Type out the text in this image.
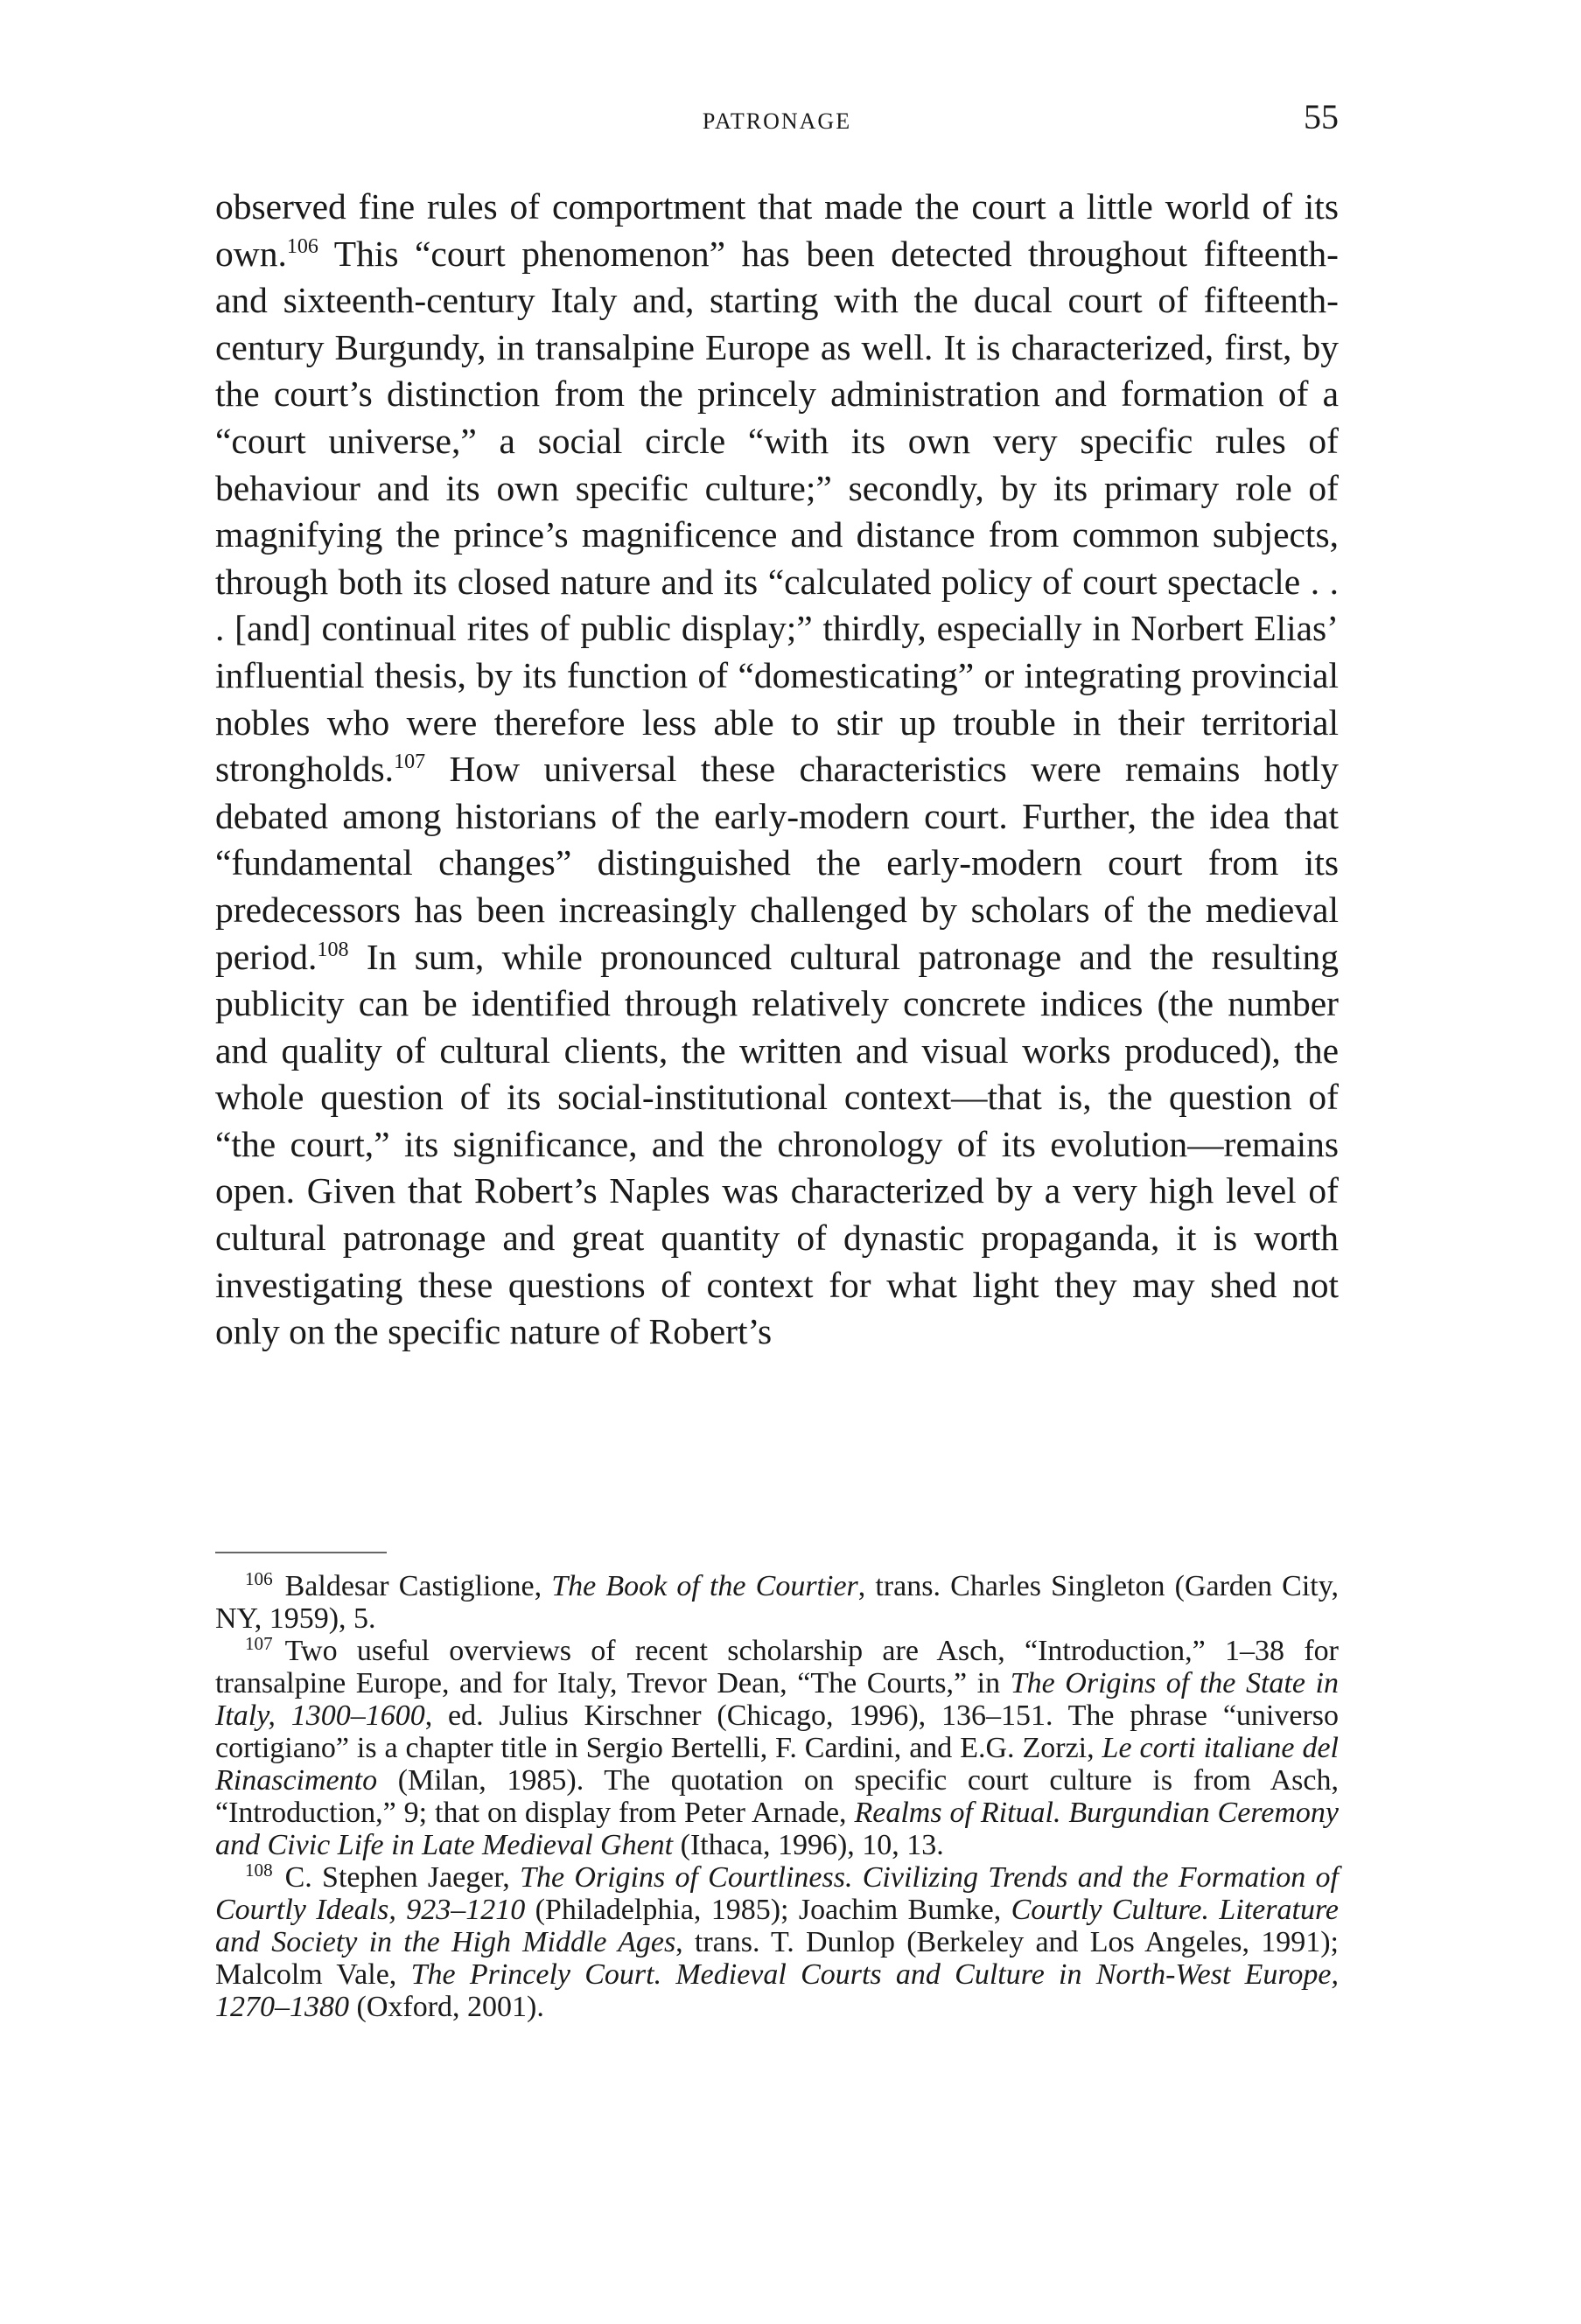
PATRONAGE	55

observed fine rules of comportment that made the court a little world of its own.$^{106}$ This “court phenomenon” has been detected throughout fifteenth- and sixteenth-century Italy and, starting with the ducal court of fifteenth-century Burgundy, in transalpine Europe as well. It is characterized, first, by the court’s distinction from the princely administration and formation of a “court universe,” a social circle “with its own very specific rules of behaviour and its own specific culture;” secondly, by its primary role of magnifying the prince’s magnificence and distance from common subjects, through both its closed nature and its “calculated policy of court spectacle . . . [and] continual rites of public display;” thirdly, especially in Norbert Elias’ influential thesis, by its function of “domesticating” or integrating provincial nobles who were therefore less able to stir up trouble in their territorial strongholds.$^{107}$ How universal these characteristics were remains hotly debated among historians of the early-modern court. Further, the idea that “fundamental changes” distinguished the early-modern court from its predecessors has been increasingly challenged by scholars of the medieval period.$^{108}$ In sum, while pronounced cultural patronage and the resulting publicity can be identified through relatively concrete indices (the number and quality of cultural clients, the written and visual works produced), the whole question of its social-institutional context—that is, the question of “the court,” its significance, and the chronology of its evolution—remains open. Given that Robert’s Naples was characterized by a very high level of cultural patronage and great quantity of dynastic propaganda, it is worth investigating these questions of context for what light they may shed not only on the specific nature of Robert’s

$^{106}$ Baldesar Castiglione, The Book of the Courtier, trans. Charles Singleton (Garden City, NY, 1959), 5.

$^{107}$ Two useful overviews of recent scholarship are Asch, “Introduction,” 1–38 for transalpine Europe, and for Italy, Trevor Dean, “The Courts,” in The Origins of the State in Italy, 1300–1600, ed. Julius Kirschner (Chicago, 1996), 136–151. The phrase “universo cortigiano” is a chapter title in Sergio Bertelli, F. Cardini, and E.G. Zorzi, Le corti italiane del Rinascimento (Milan, 1985). The quotation on specific court culture is from Asch, “Introduction,” 9; that on display from Peter Arnade, Realms of Ritual. Burgundian Ceremony and Civic Life in Late Medieval Ghent (Ithaca, 1996), 10, 13.

$^{108}$ C. Stephen Jaeger, The Origins of Courtliness. Civilizing Trends and the Formation of Courtly Ideals, 923–1210 (Philadelphia, 1985); Joachim Bumke, Courtly Culture. Literature and Society in the High Middle Ages, trans. T. Dunlop (Berkeley and Los Angeles, 1991); Malcolm Vale, The Princely Court. Medieval Courts and Culture in North-West Europe, 1270–1380 (Oxford, 2001).
